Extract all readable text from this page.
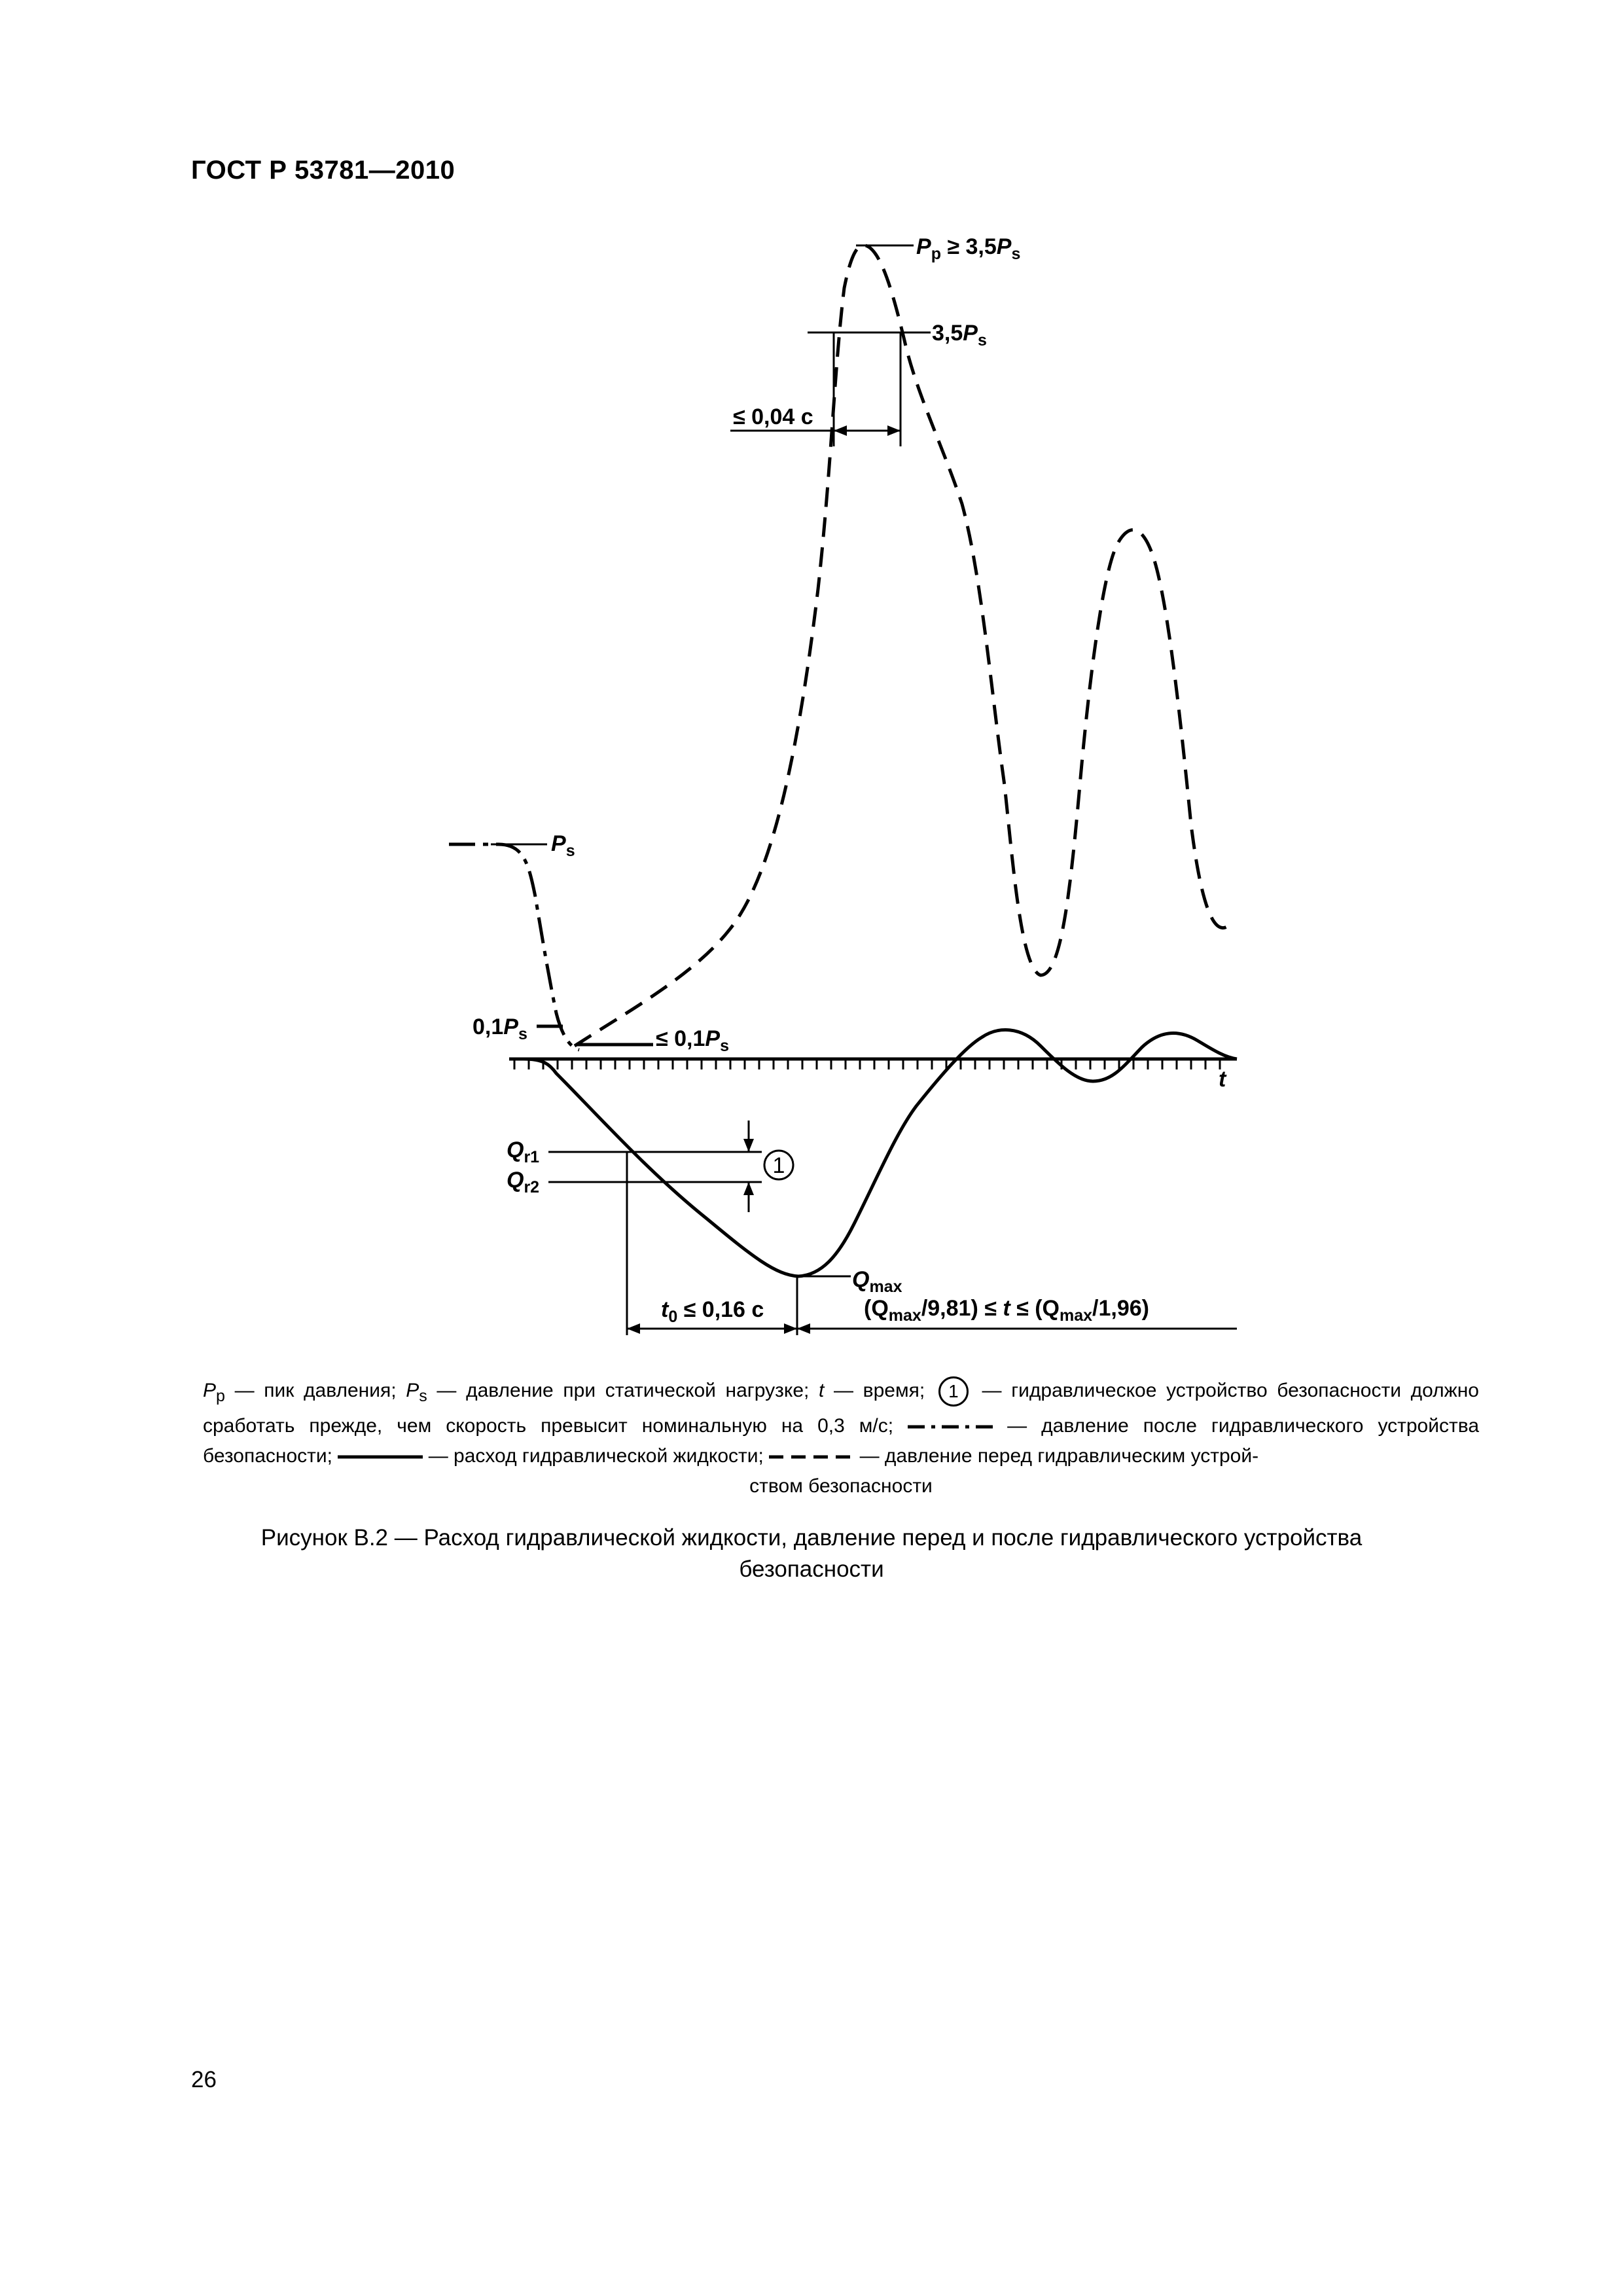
ГОСТ Р 53781—2010
1
$P_p \ge 3,5P_s$
$3,5P_s$
≤ 0,04 с
$P_s$
$0,1P_s$	≤ $0,1P_s$
t
$Q_{r1}$
$Q_{r2}$
$Q_{max}$
$t_0 \le 0,16$ с	$(Q_{max}/9,81) \le t \le (Q_{max}/1,96)$
$P_p$ — пик давления; $P_s$ — давление при статической нагрузке; t — время; 1 — гидравлическое устройство безопасности должно сработать прежде, чем скорость превысит номинальную на 0,3 м/с;	— давление после гидравлического устройства безопасности;	— расход гидравлической жидкости;	— давление перед гидравлическим устрой-
ством безопасности
Рисунок В.2 — Расход гидравлической жидкости, давление перед и после гидравлического устройства
безопасности
26
